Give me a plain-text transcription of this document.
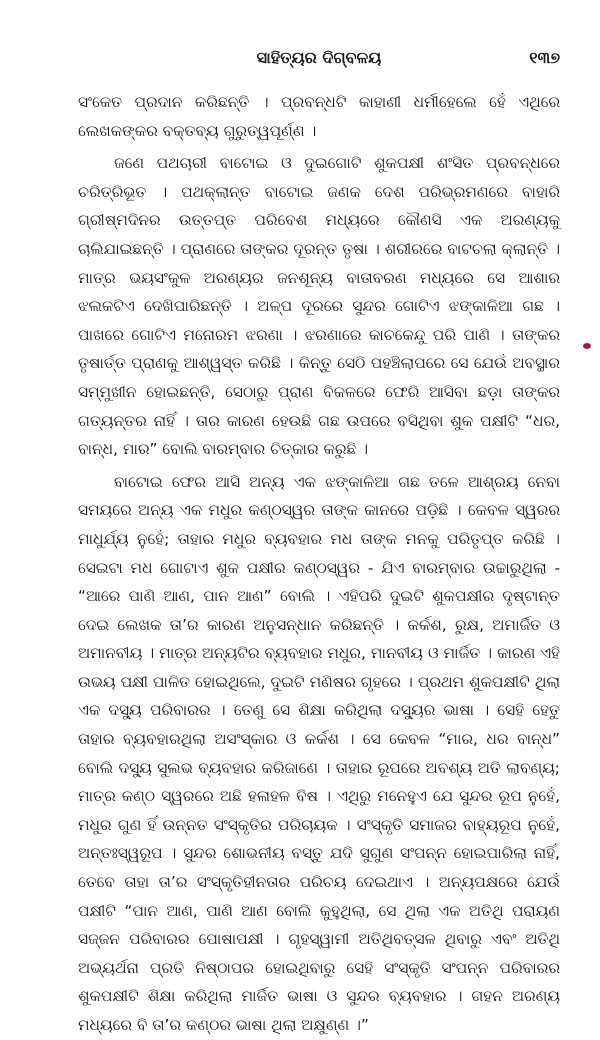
ସାହିତ୍ୟର ଦିଗ୍‌ବଳୟ	୧୩୭

ସଂକେତ ପ୍ରଦାନ କରିଛନ୍ତି । ପ୍ରବନ୍ଧଟି କାହାଣୀ ଧର୍ମୀହେଲେ ହେଁ ଏଥିରେ ଲେଖକଙ୍କର ବକ୍ତବ୍ୟ ଗୁରୁତ୍ୱପୂର୍ଣ୍ଣ ।

ଜଣେ ପଥଚାରୀ ବାଟୋଇ ଓ ଦୁଇଗୋଟି ଶୁକପକ୍ଷୀ ଶଂସିତ ପ୍ରବନ୍ଧରେ ଚରିତ୍ରିଭୂତ । ପଥକ୍ଲାନ୍ତ ବାଟୋଇ ଜଣକ ଦେଶ ପରିଭ୍ରମଣରେ ବାହାରି ଗ୍ରୀଷ୍ମଦିନର ଉତ୍ତପ୍ତ ପରିବେଶ ମଧ୍ୟରେ କୌଣସି ଏକ ଅରଣ୍ୟକୁ ଚାଲିଯାଇଛନ୍ତି । ପ୍ରାଣରେ ତାଙ୍କର ଦୂରନ୍ତ ତୃଷା । ଶରୀରରେ ବାଟଚଲା କ୍ଲାନ୍ତି । ମାତ୍ର ଭୟସଂକୁଳ ଅରଣ୍ୟର ଜନଶୂନ୍ୟ ବାତାବରଣ ମଧ୍ୟରେ ସେ ଆଶାର ଝଲକଟିଏ ଦେଖିପାରିଛନ୍ତି । ଅଳ୍ପ ଦୂରରେ ସୁନ୍ଦର ଗୋଟିଏ ଝଙ୍କାଳିଆ ଗଛ । ପାଖରେ ଗୋଟିଏ ମନୋରମ ଝରଣା । ଝରଣାରେ କାଚକେନ୍ଦୁ ପରି ପାଣି । ତାଙ୍କର ତୃଷାର୍ତ୍ତ ପ୍ରାଣକୁ ଆଶ୍ୱସ୍ତ କରିଛି । କିନ୍ତୁ ସେଠି ପହଞ୍ଚିଲାପରେ ସେ ଯେଉଁ ଅବସ୍ଥାର ସମ୍ମୁଖୀନ ହୋଇଛନ୍ତି, ସେଠାରୁ ପ୍ରାଣ ବିକଳରେ ଫେରି ଆସିବା ଛଡ଼ା ତାଙ୍କର ଗତ୍ୟନ୍ତର ନାହିଁ । ତାର କାରଣ ହେଉଛି ଗଛ ଉପରେ ବସିଥିବା ଶୁକ ପକ୍ଷୀଟି “ଧର, ବାନ୍ଧ, ମାର” ବୋଲି ବାରମ୍ବାର ଚିତ୍କାର କରୁଛି ।

ବାଟୋଇ ଫେର ଆସି ଅନ୍ୟ ଏକ ଝଙ୍କାଳିଆ ଗଛ ତଳେ ଆଶ୍ରୟ ନେବା ସମୟରେ ଅନ୍ୟ ଏକ ମଧୁର କଣ୍ଠସ୍ୱର ତାଙ୍କ କାନରେ ପଡ଼ିଛି । କେବଳ ସ୍ୱରର ମାଧୁର୍ଯ୍ୟ ନୁହେଁ; ତାହାର ମଧୁର ବ୍ୟବହାର ମଧ ତାଙ୍କ ମନକୁ ପରିତୃପ୍ତ କରିଛି । ସେଇଟା ମଧ ଗୋଟାଏ ଶୁକ ପକ୍ଷୀର କଣ୍ଠସ୍ୱର - ଯିଏ ବାରମ୍ବାର ଉଚ୍ଚାରୁଥିଲା - “ଆରେ ପାଣି ଆଣ, ପାନ ଆଣ” ବୋଲି । ଏହିପରି ଦୁଇଟି ଶୁକପକ୍ଷୀର ଦୃଷ୍ଟାନ୍ତ ଦେଇ ଲେଖକ ତା’ର କାରଣ ଅନୁସନ୍ଧାନ କରିଛନ୍ତି । କର୍କଶ, ରୁକ୍ଷ, ଅମାର୍ଜିତ ଓ ଅମାନବୀୟ । ମାତ୍ର ଅନ୍ୟଟିର ବ୍ୟବହାର ମଧୁର, ମାନବୀୟ ଓ ମାର୍ଜିତ । କାରଣ ଏହି ଉଭୟ ପକ୍ଷୀ ପାଳିତ ହୋଇଥିଲେ, ଦୁଇଟି ମଣିଷର ଗୃହରେ । ପ୍ରଥମ ଶୁକପକ୍ଷୀଟି ଥିଲା ଏକ ଦସ୍ୟୁ ପରିବାରର । ତେଣୁ ସେ ଶିକ୍ଷା କରିଥିଲା ଦସ୍ୟୁର ଭାଷା । ସେହି ହେତୁ ତାହାର ବ୍ୟବହାରଥିଲା ଅସଂସ୍କାର ଓ କର୍କଶ । ସେ କେବଳ “ମାର, ଧର ବାନ୍ଧ” ବୋଲି ଦସ୍ୟୁ ସୁଲଭ ବ୍ୟବହାର କରିଜାଣେ । ତାହାର ରୂପରେ ଅବଶ୍ୟ ଅତି ଲାବଣ୍ୟ; ମାତ୍ର କଣ୍ଠ ସ୍ୱରରେ ଅଛି ହଳାହଳ ବିଷ । ଏଥିରୁ ମନେହୁଏ ଯେ ସୁନ୍ଦର ରୂପ ନୁହେଁ, ମଧୁର ଗୁଣ ହିଁ ଉନ୍ନତ ସଂସ୍କୃତିର ପରିଚାୟକ । ସଂସ୍କୃତି ସମାଜର ବାହ୍ୟରୂପ ନୁହେଁ, ଅନ୍ତଃସ୍ୱରୂପ । ସୁନ୍ଦର ଶୋଭନୀୟ ବସ୍ତୁ ଯଦି ସୁଗୁଣ ସଂପନ୍ନ ହୋଇପାରିଲା ନାହିଁ, ତେବେ ତାହା ତା’ର ସଂସ୍କୃତିହୀନତାର ପରିଚୟ ଦେଇଥାଏ । ଅନ୍ୟପକ୍ଷରେ ଯେଉଁ ପକ୍ଷୀଟି “ପାନ ଆଣ, ପାଣି ଆଣ ବୋଲି କୁହୁଥିଲା, ସେ ଥିଲା ଏକ ଅତିଥି ପରାୟଣ ସଜ୍ଜନ ପରିବାରର ପୋଷାପକ୍ଷୀ । ଗୃହସ୍ୱାମୀ ଅତିଥିବତ୍ସଳ ଥିବାରୁ ଏବଂ ଅତିଥି ଅଭ୍ୟର୍ଥନା ପ୍ରତି ନିଷ୍ଠାପର ହୋଇଥିବାରୁ ସେହି ସଂସ୍କୃତି ସଂପନ୍ନ ପରିବାରର ଶୁକପକ୍ଷୀଟି ଶିକ୍ଷା କରିଥିଲା ମାର୍ଜିତ ଭାଷା ଓ ସୁନ୍ଦର ବ୍ୟବହାର । ଗହନ ଅରଣ୍ୟ ମଧ୍ୟରେ ବି ତା’ର କଣ୍ଠର ଭାଷା ଥିଲା ଅକ୍ଷୁଣ୍ଣ ।”
